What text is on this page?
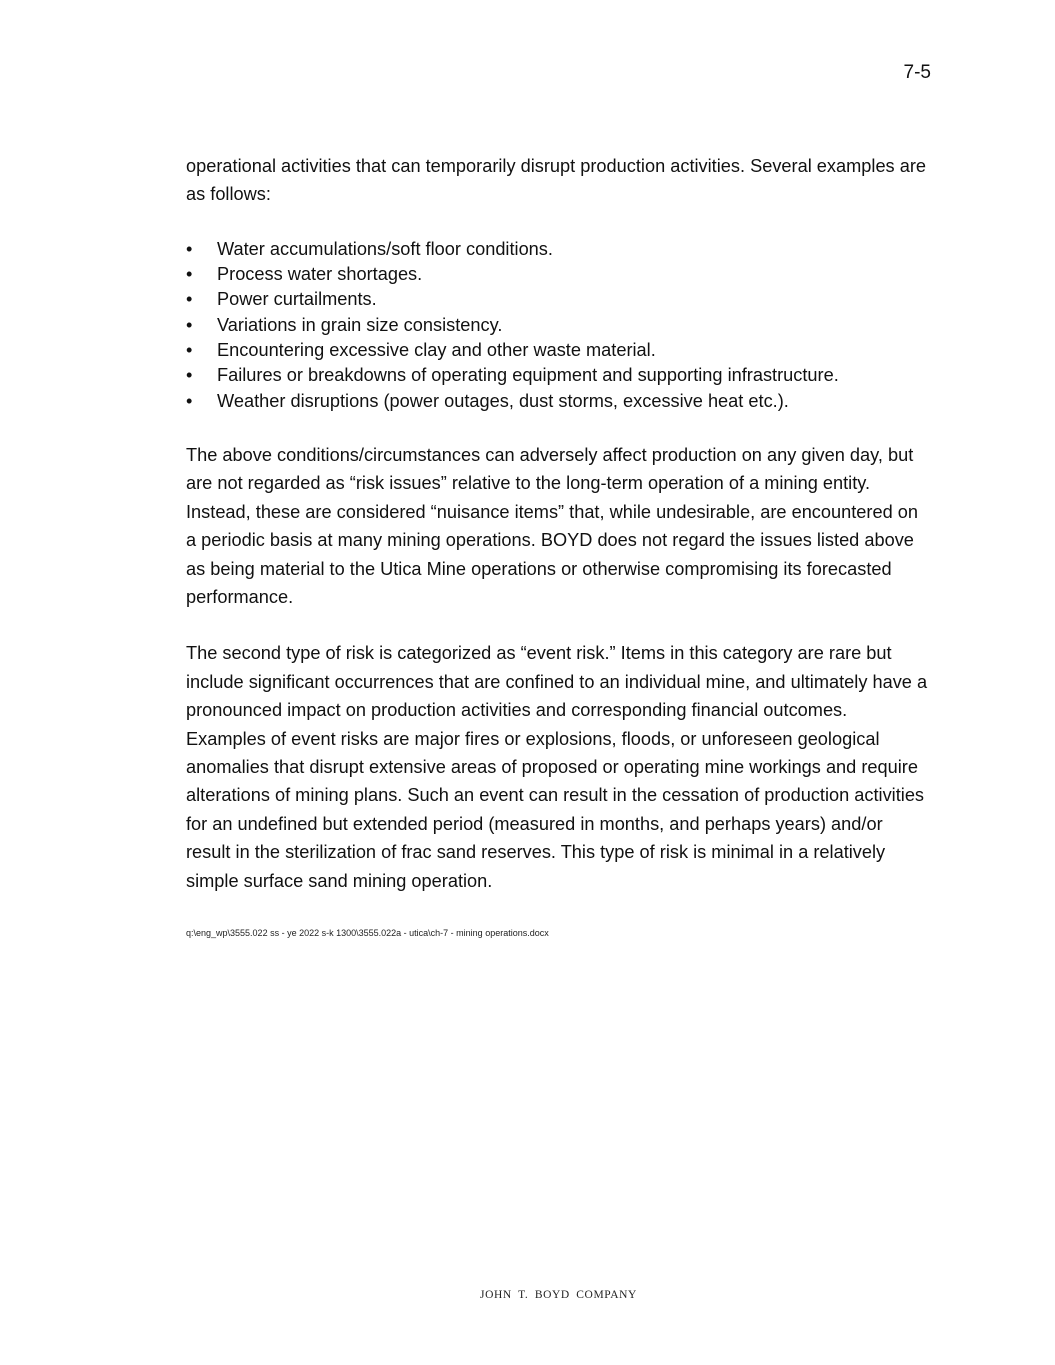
7-5

operational activities that can temporarily disrupt production activities. Several examples are as follows:

• Water accumulations/soft floor conditions.
• Process water shortages.
• Power curtailments.
• Variations in grain size consistency.
• Encountering excessive clay and other waste material.
• Failures or breakdowns of operating equipment and supporting infrastructure.
• Weather disruptions (power outages, dust storms, excessive heat etc.).

The above conditions/circumstances can adversely affect production on any given day, but are not regarded as “risk issues” relative to the long-term operation of a mining entity. Instead, these are considered “nuisance items” that, while undesirable, are encountered on a periodic basis at many mining operations. BOYD does not regard the issues listed above as being material to the Utica Mine operations or otherwise compromising its forecasted performance.

The second type of risk is categorized as “event risk.” Items in this category are rare but include significant occurrences that are confined to an individual mine, and ultimately have a pronounced impact on production activities and corresponding financial outcomes. Examples of event risks are major fires or explosions, floods, or unforeseen geological anomalies that disrupt extensive areas of proposed or operating mine workings and require alterations of mining plans. Such an event can result in the cessation of production activities for an undefined but extended period (measured in months, and perhaps years) and/or result in the sterilization of frac sand reserves. This type of risk is minimal in a relatively simple surface sand mining operation.

q:\eng_wp\3555.022 ss - ye 2022 s-k 1300\3555.022a - utica\ch-7 - mining operations.docx
JOHN T. BOYD COMPANY
